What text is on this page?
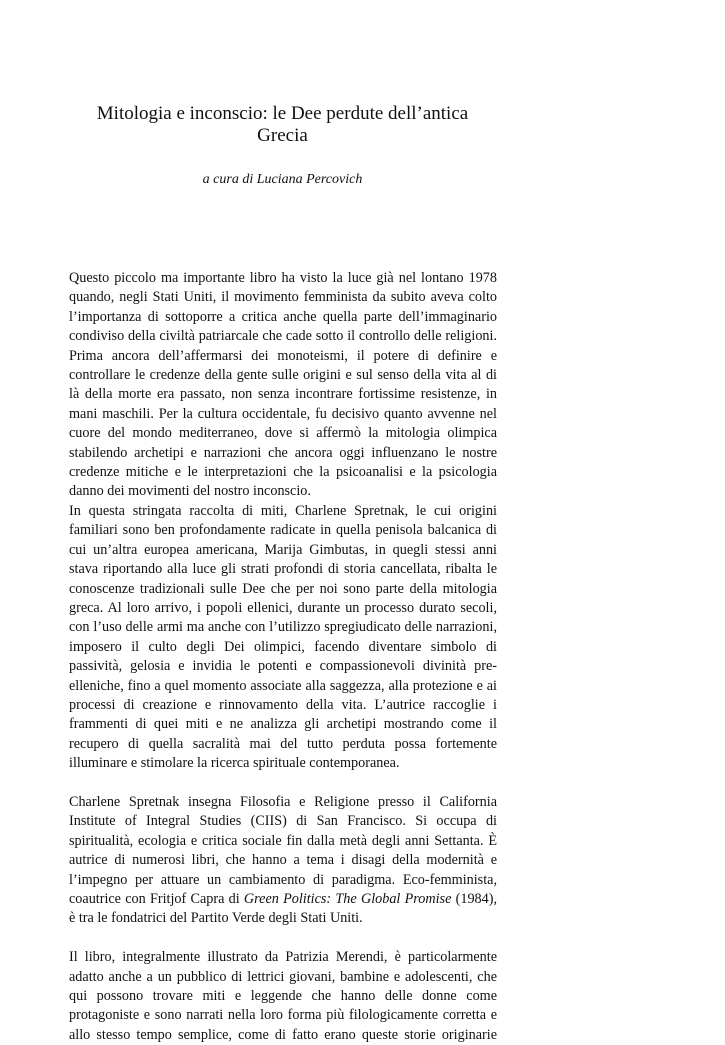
Mitologia e inconscio: le Dee perdute dell’antica Grecia
a cura di Luciana Percovich

Questo piccolo ma importante libro ha visto la luce già nel lontano 1978 quando, negli Stati Uniti, il movimento femminista da subito aveva colto l’importanza di sottoporre a critica anche quella parte dell’immaginario condiviso della civiltà patriarcale che cade sotto il controllo delle religioni. Prima ancora dell’affermarsi dei monoteismi, il potere di definire e controllare le credenze della gente sulle origini e sul senso della vita al di là della morte era passato, non senza incontrare fortissime resistenze, in mani maschili. Per la cultura occidentale, fu decisivo quanto avvenne nel cuore del mondo mediterraneo, dove si affermò la mitologia olimpica stabilendo archetipi e narrazioni che ancora oggi influenzano le nostre credenze mitiche e le interpretazioni che la psicoanalisi e la psicologia danno dei movimenti del nostro inconscio.

In questa stringata raccolta di miti, Charlene Spretnak, le cui origini familiari sono ben profondamente radicate in quella penisola balcanica di cui un’altra europea americana, Marija Gimbutas, in quegli stessi anni stava riportando alla luce gli strati profondi di storia cancellata, ribalta le conoscenze tradizionali sulle Dee che per noi sono parte della mitologia greca. Al loro arrivo, i popoli ellenici, durante un processo durato secoli, con l’uso delle armi ma anche con l’utilizzo spregiudicato delle narrazioni, imposero il culto degli Dei olimpici, facendo diventare simbolo di passività, gelosia e invidia le potenti e compassionevoli divinità pre-elleniche, fino a quel momento associate alla saggezza, alla protezione e ai processi di creazione e rinnovamento della vita. L’autrice raccoglie i frammenti di quei miti e ne analizza gli archetipi mostrando come il recupero di quella sacralità mai del tutto perduta possa fortemente illuminare e stimolare la ricerca spirituale contemporanea.

Charlene Spretnak insegna Filosofia e Religione presso il California Institute of Integral Studies (CIIS) di San Francisco. Si occupa di spiritualità, ecologia e critica sociale fin dalla metà degli anni Settanta. È autrice di numerosi libri, che hanno a tema i disagi della modernità e l’impegno per attuare un cambiamento di paradigma. Eco-femminista, coautrice con Fritjof Capra di Green Politics: The Global Promise (1984), è tra le fondatrici del Partito Verde degli Stati Uniti.

Il libro, integralmente illustrato da Patrizia Merendi, è particolarmente adatto anche a un pubblico di lettrici giovani, bambine e adolescenti, che qui possono trovare miti e leggende che hanno delle donne come protagoniste e sono narrati nella loro forma più filologicamente corretta e allo stesso tempo semplice, come di fatto erano queste storie originarie
